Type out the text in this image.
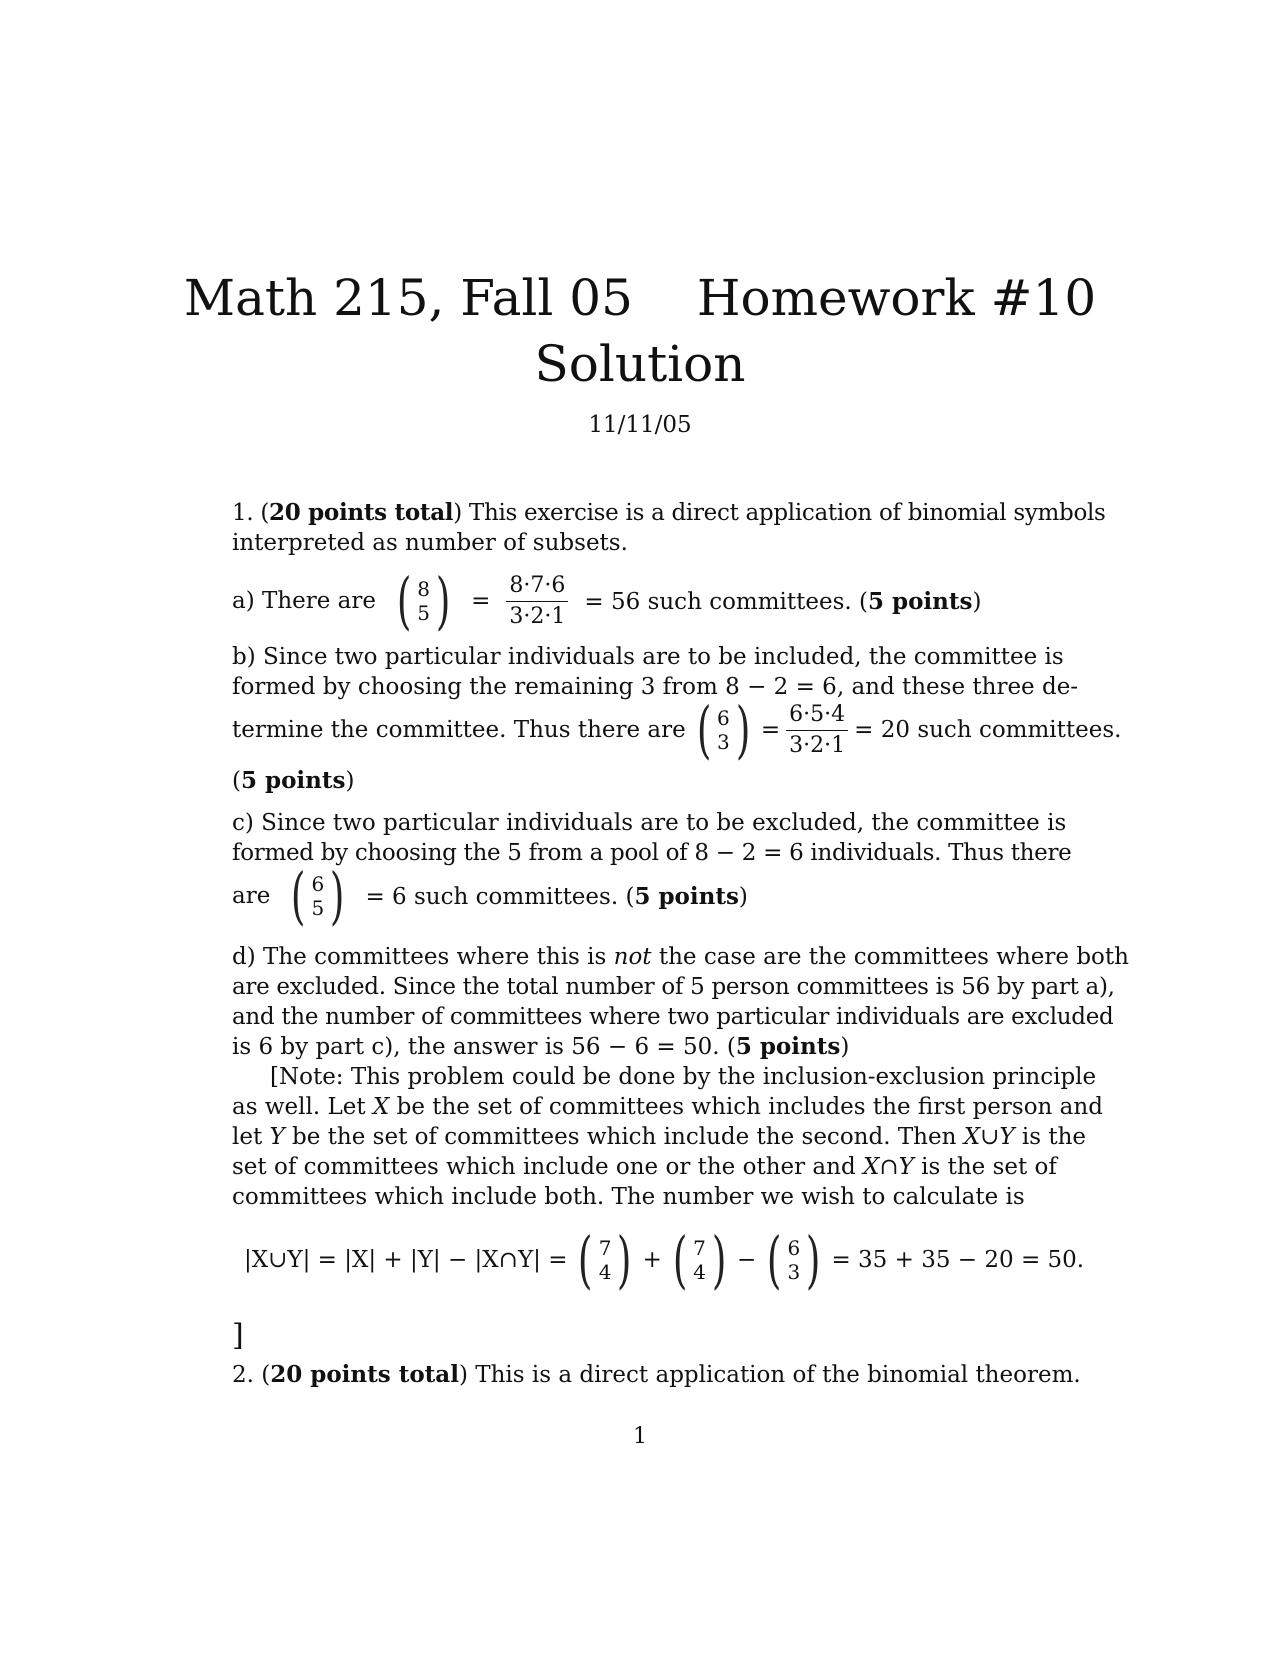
Math 215, Fall 05 Homework #10
Solution
11/11/05
1. (20 points total) This exercise is a direct application of binomial symbols
interpreted as number of subsets.
a) There are ( 8
5 ) = $\frac{8\cdot 7\cdot 6}{3\cdot 2\cdot 1} = 56$ such committees. (5 points)
b) Since two particular individuals are to be included, the committee is
formed by choosing the remaining 3 from 8 − 2 = 6, and these three de-
termine the committee. Thus there are ( 6
3 ) = $\frac{6\cdot 5\cdot 4}{3\cdot 2\cdot 1} = 20$ such committees.
(5 points)
c) Since two particular individuals are to be excluded, the committee is
formed by choosing the 5 from a pool of 8 − 2 = 6 individuals. Thus there
are ( 6
5 ) = 6 such committees. (5 points)
d) The committees where this is not the case are the committees where both
are excluded. Since the total number of 5 person committees is 56 by part a),
and the number of committees where two particular individuals are excluded
is 6 by part c), the answer is 56 − 6 = 50. (5 points)
[Note: This problem could be done by the inclusion-exclusion principle
as well. Let X be the set of committees which includes the first person and
let Y be the set of committees which include the second. Then X∪Y is the
set of committees which include one or the other and X∩Y is the set of
committees which include both. The number we wish to calculate is
|X∪Y| = |X| + |Y| − |X∩Y| = ( 7
4 ) + ( 7
4 ) − ( 6
3 ) = 35 + 35 − 20 = 50.
]
2. (20 points total) This is a direct application of the binomial theorem.
1
